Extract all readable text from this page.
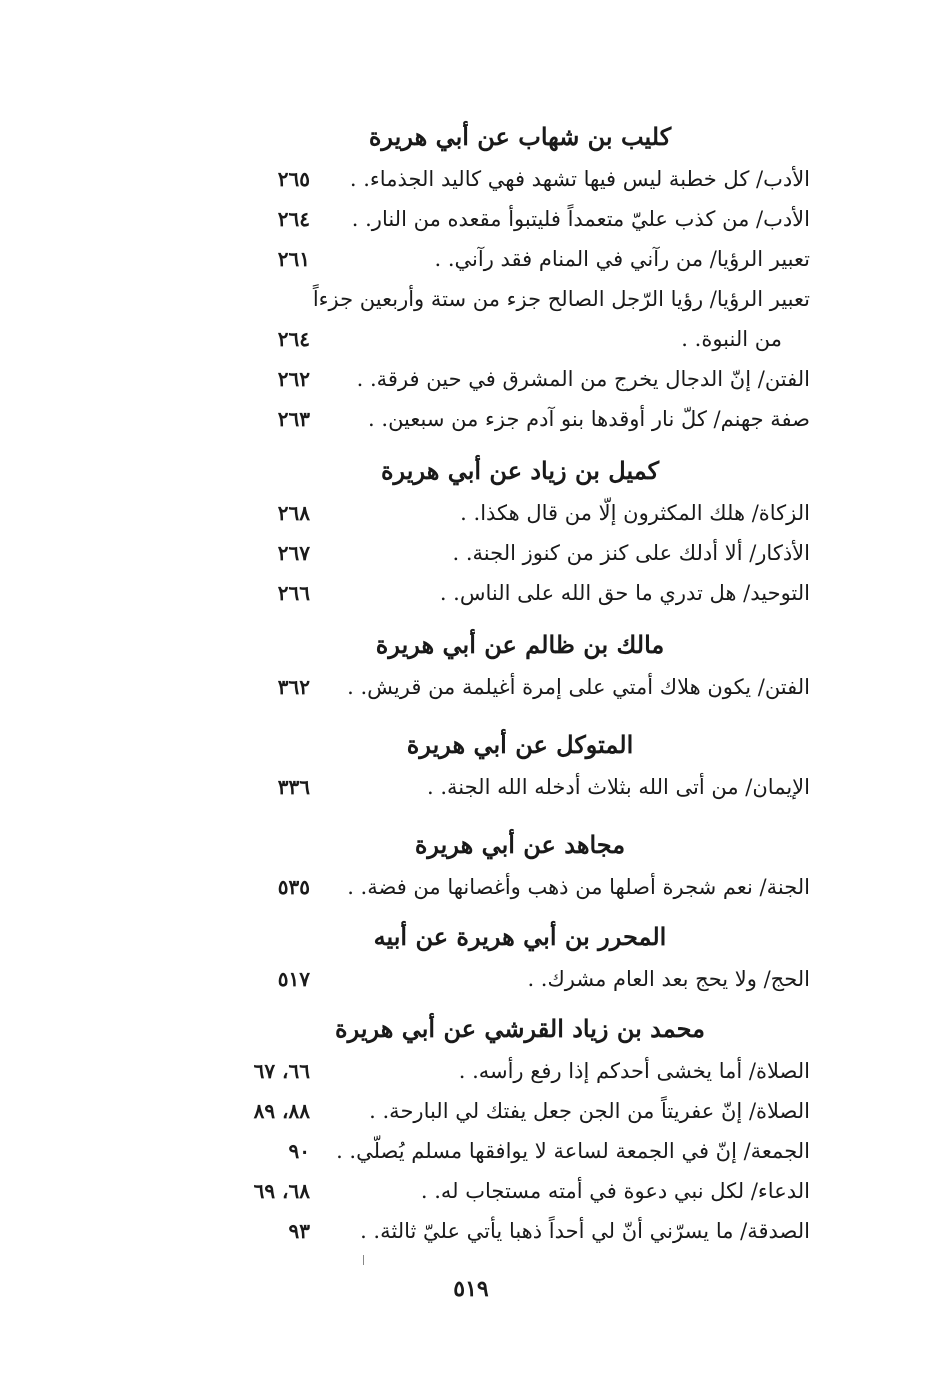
كليب بن شهاب عن أبي هريرة
الأدب/ كل خطبة ليس فيها تشهد فهي كاليد الجذماء. .
٢٦٥
الأدب/ من كذب عليّ متعمداً فليتبوأ مقعده من النار. .
٢٦٤
تعبير الرؤيا/ من رآني في المنام فقد رآني. .
٢٦١
تعبير الرؤيا/ رؤيا الرّجل الصالح جزء من ستة وأربعين جزءاً
من النبوة. .
٢٦٤
الفتن/ إنّ الدجال يخرج من المشرق في حين فرقة. .
٢٦٢
صفة جهنم/ كلّ نار أوقدها بنو آدم جزء من سبعين. .
٢٦٣
كميل بن زياد عن أبي هريرة
الزكاة/ هلك المكثرون إلّا من قال هكذا. .
٢٦٨
الأذكار/ ألا أدلك على كنز من كنوز الجنة. .
٢٦٧
التوحيد/ هل تدري ما حق الله على الناس. .
٢٦٦
مالك بن ظالم عن أبي هريرة
الفتن/ يكون هلاك أمتي على إمرة أغيلمة من قريش. .
٣٦٢
المتوكل عن أبي هريرة
الإيمان/ من أتى الله بثلاث أدخله الله الجنة. .
٣٣٦
مجاهد عن أبي هريرة
الجنة/ نعم شجرة أصلها من ذهب وأغصانها من فضة. .
٥٣٥
المحرر بن أبي هريرة عن أبيه
الحج/ ولا يحج بعد العام مشرك. .
٥١٧
محمد بن زياد القرشي عن أبي هريرة
الصلاة/ أما يخشى أحدكم إذا رفع رأسه. .
٦٦، ٦٧
الصلاة/ إنّ عفريتاً من الجن جعل يفتك لي البارحة. .
٨٨، ٨٩
الجمعة/ إنّ في الجمعة لساعة لا يوافقها مسلم يُصلّي. .
٩٠
الدعاء/ لكل نبي دعوة في أمته مستجاب له. .
٦٨، ٦٩
الصدقة/ ما يسرّني أنّ لي أحداً ذهبا يأتي عليّ ثالثة. .
٩٣
٥١٩
